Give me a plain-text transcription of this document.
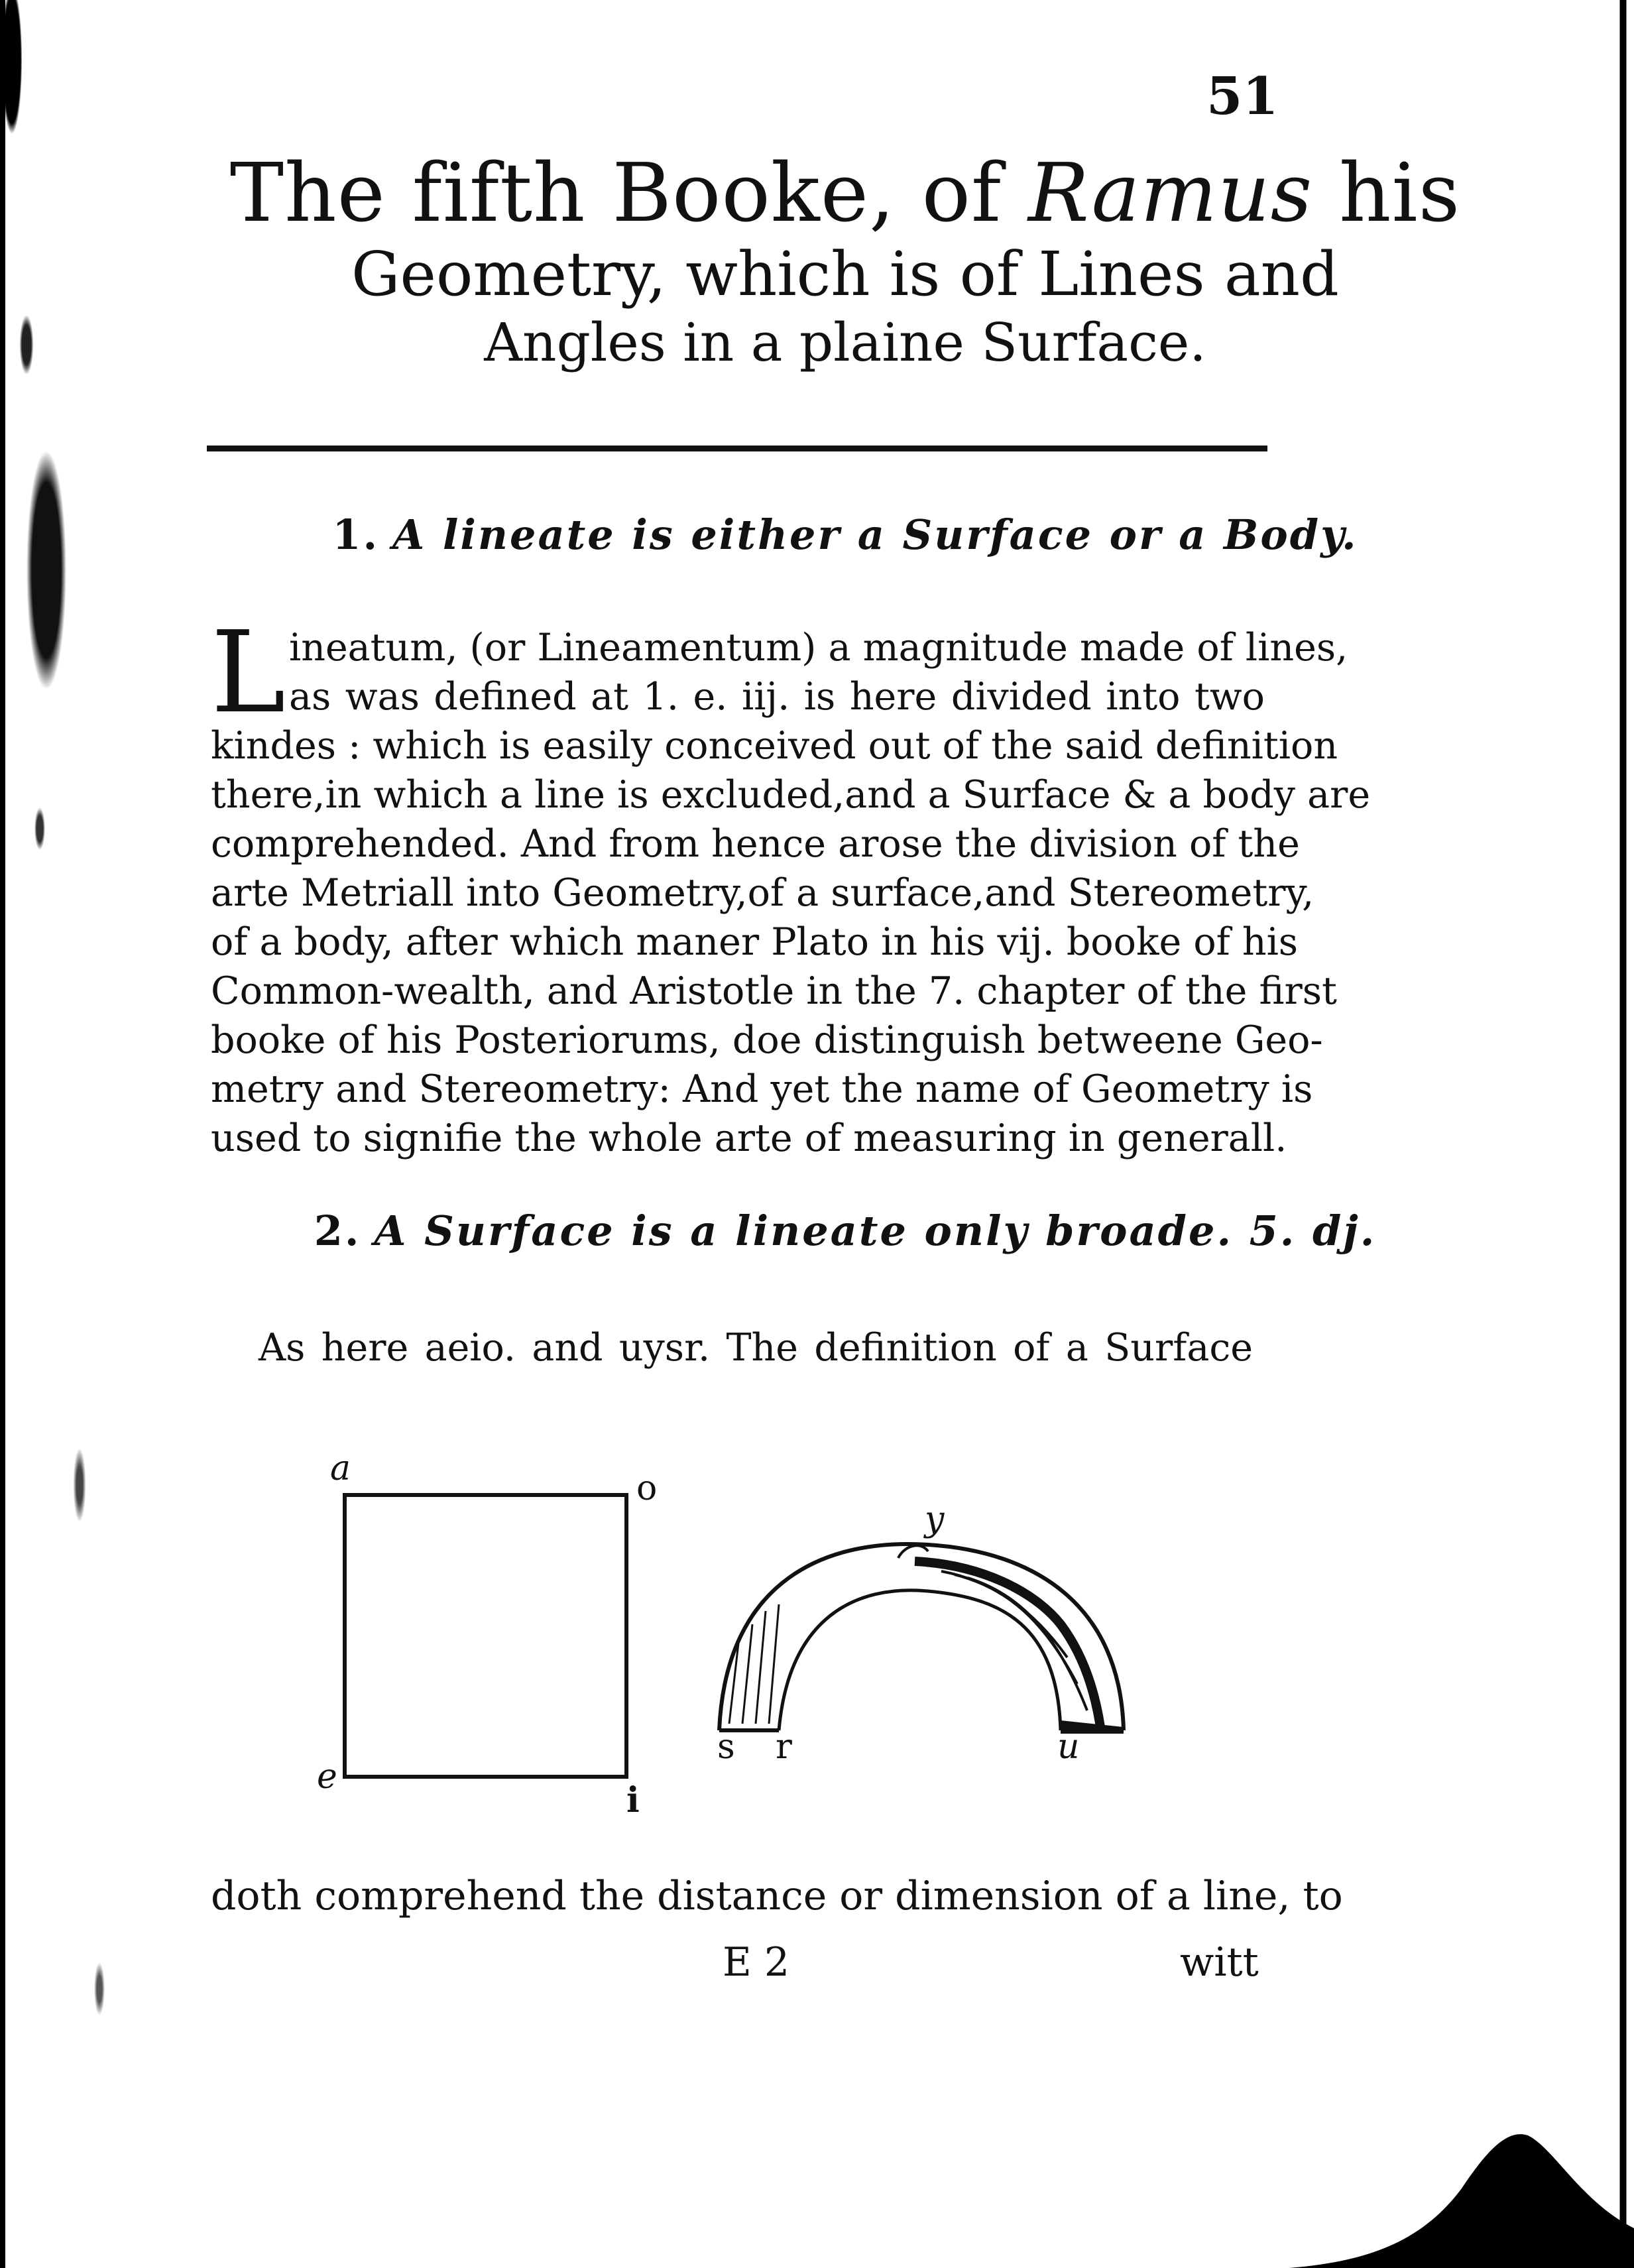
51
The fifth Booke, of Ramus his
Geometry, which is of Lines and
Angles in a plaine Surface.
1. A lineate is either a Surface or a Body.
L ineatum, (or Lineamentum) a magnitude made of lines,
as was defined at 1. e. iij. is here divided into two
kindes : which is easily conceived out of the said definition
there,in which a line is excluded,and a Surface & a body are
comprehended. And from hence arose the division of the
arte Metriall into Geometry,of a surface,and Stereometry,
of a body, after which maner Plato in his vij. booke of his
Common-wealth, and Aristotle in the 7. chapter of the first
booke of his Posteriorums, doe distinguish betweene Geo-
metry and Stereometry: And yet the name of Geometry is
used to signifie the whole arte of measuring in generall.
2. A Surface is a lineate only broade. 5. dj.
As here aeio. and uysr. The definition of a Surface
a	o
e
i
y
s r	u
doth comprehend the distance or dimension of a line, to
E 2	witt
